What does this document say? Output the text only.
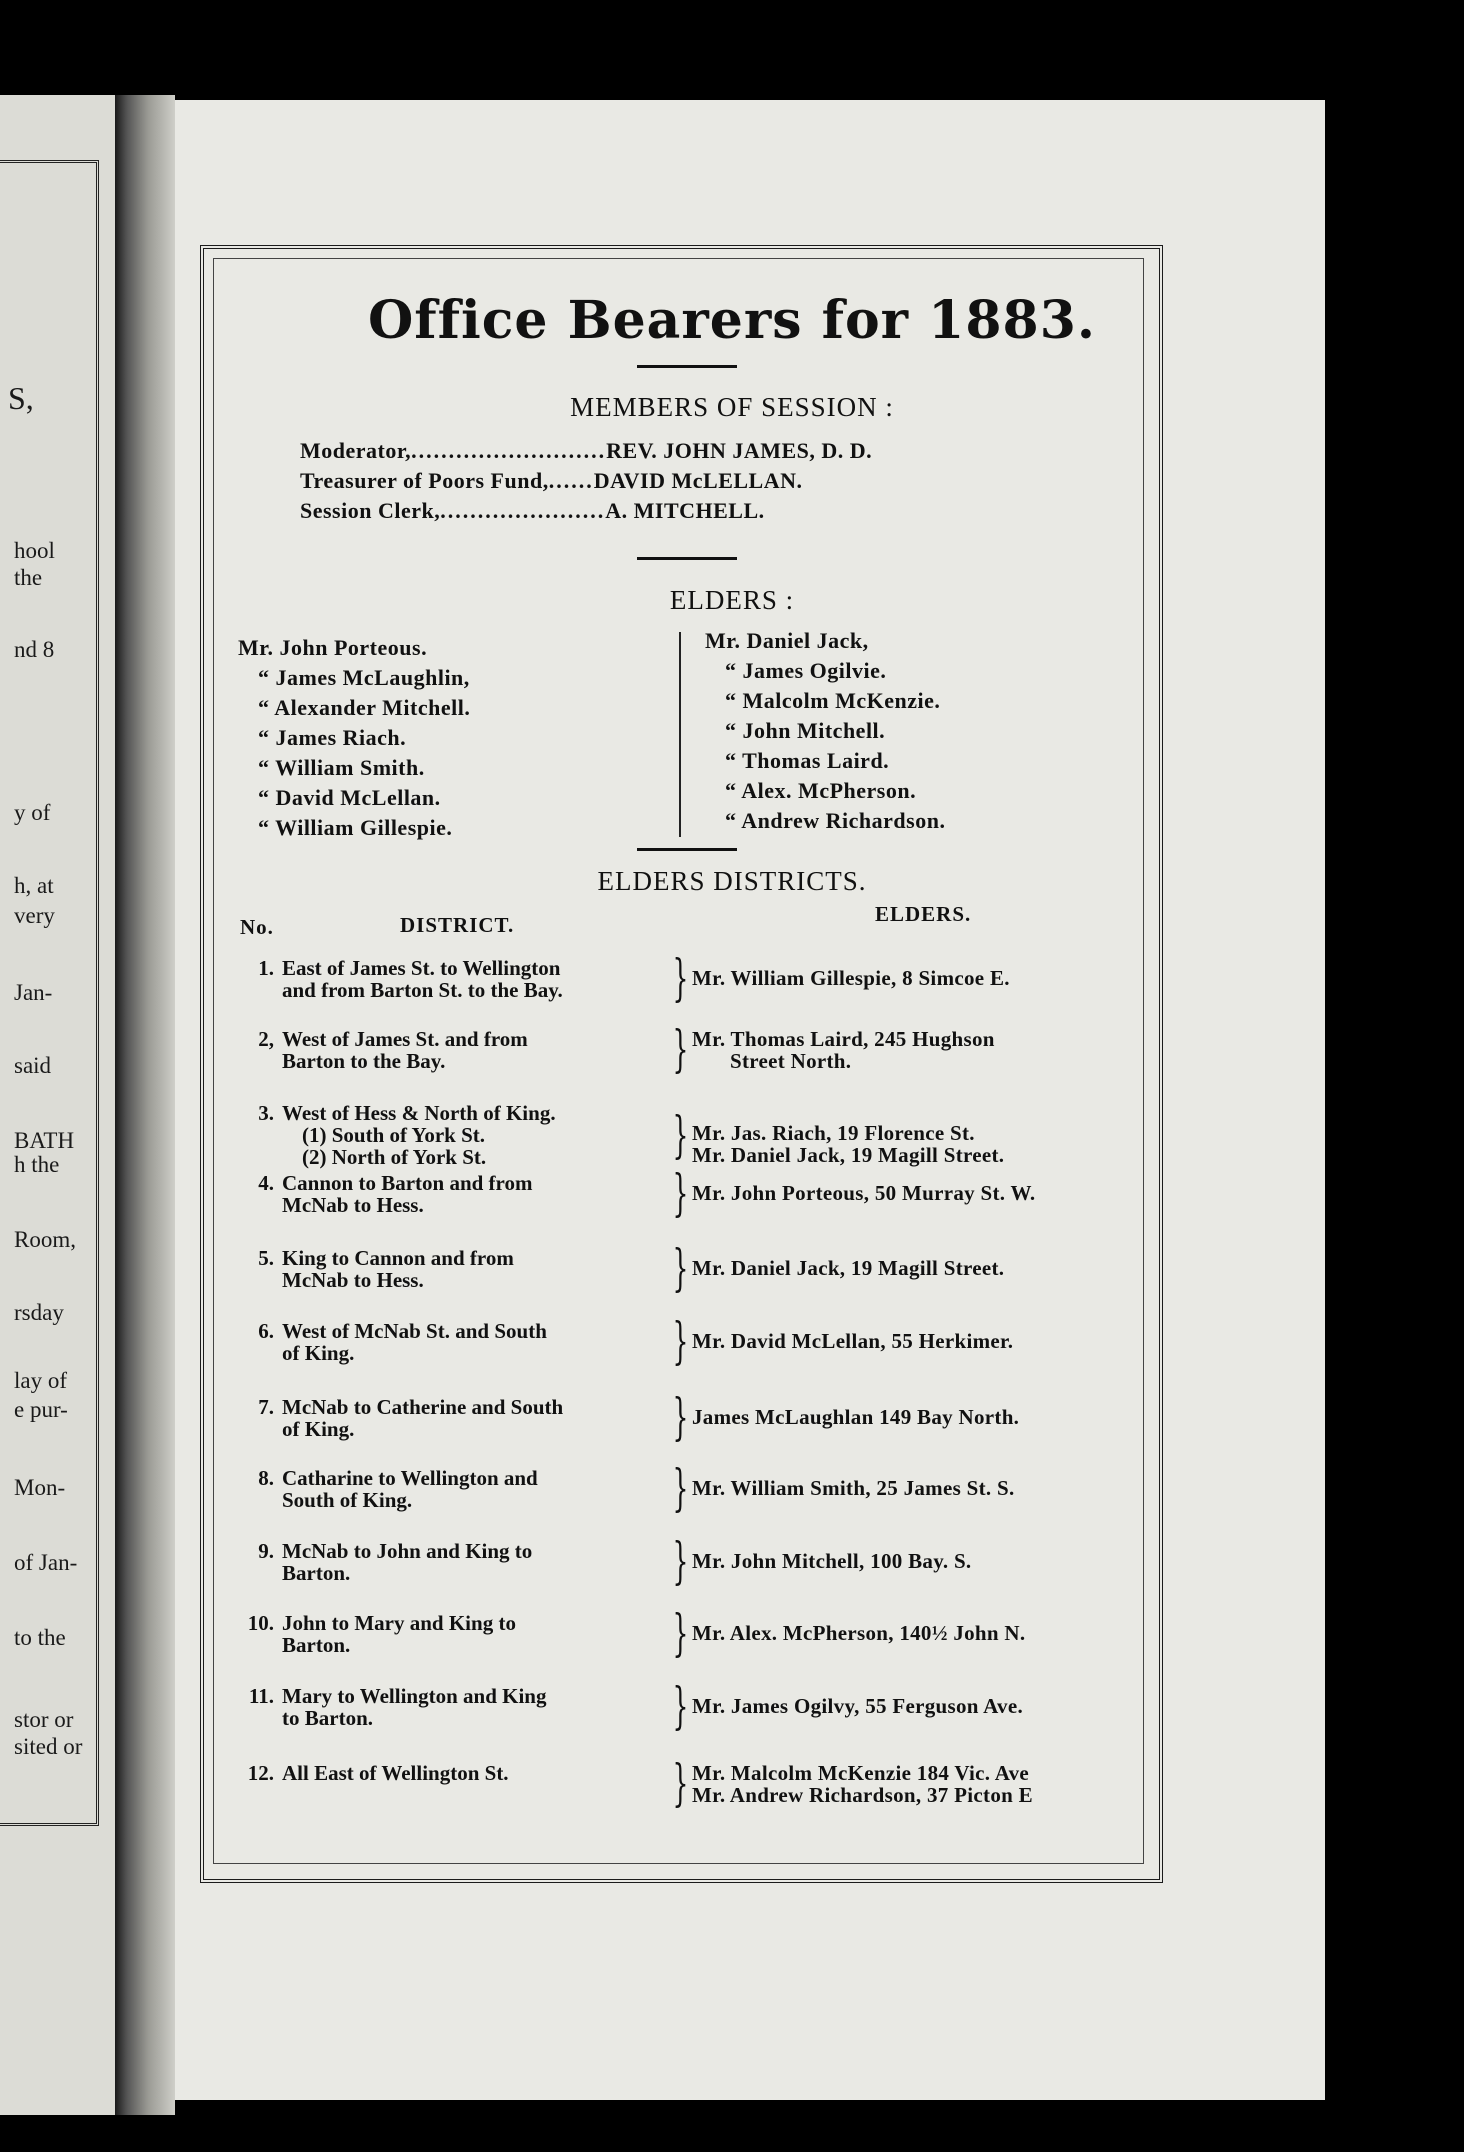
S,
hool
the
nd 8
y of
h, at
very
Jan-
said
BATH
h the
Room,
rsday
lay of
e pur-
Mon-
of Jan-
to the
stor or
sited or
Office Bearers for 1883.
MEMBERS OF SESSION :
Moderator,..........................REV. JOHN JAMES, D. D.
Treasurer of Poors Fund,......DAVID McLELLAN.
Session Clerk,......................A. MITCHELL.
ELDERS :
Mr. John Porteous.
“ James McLaughlin,
“ Alexander Mitchell.
“ James Riach.
“ William Smith.
“ David McLellan.
“ William Gillespie.
Mr. Daniel Jack,
“ James Ogilvie.
“ Malcolm McKenzie.
“ John Mitchell.
“ Thomas Laird.
“ Alex. McPherson.
“ Andrew Richardson.
ELDERS DISTRICTS.
No.	DISTRICT.	ELDERS.
1. East of James St. to Wellington
and from Barton St. to the Bay.	} Mr. William Gillespie, 8 Simcoe E.
2, West of James St. and from
Barton to the Bay.	} Mr. Thomas Laird, 245 Hughson
Street North.
3. West of Hess & North of King.
(1) South of York St.
(2) North of York St.	} Mr. Jas. Riach, 19 Florence St.
Mr. Daniel Jack, 19 Magill Street.
4. Cannon to Barton and from
McNab to Hess.	} Mr. John Porteous, 50 Murray St. W.
5. King to Cannon and from
McNab to Hess.	} Mr. Daniel Jack, 19 Magill Street.
6. West of McNab St. and South
of King.	} Mr. David McLellan, 55 Herkimer.
7. McNab to Catherine and South
of King.	} James McLaughlan 149 Bay North.
8. Catharine to Wellington and
South of King.	} Mr. William Smith, 25 James St. S.
9. McNab to John and King to
Barton.	} Mr. John Mitchell, 100 Bay. S.
10. John to Mary and King to
Barton.	} Mr. Alex. McPherson, 140½ John N.
11. Mary to Wellington and King
to Barton.	} Mr. James Ogilvy, 55 Ferguson Ave.
12. All East of Wellington St.	} Mr. Malcolm McKenzie 184 Vic. Ave
Mr. Andrew Richardson, 37 Picton E
